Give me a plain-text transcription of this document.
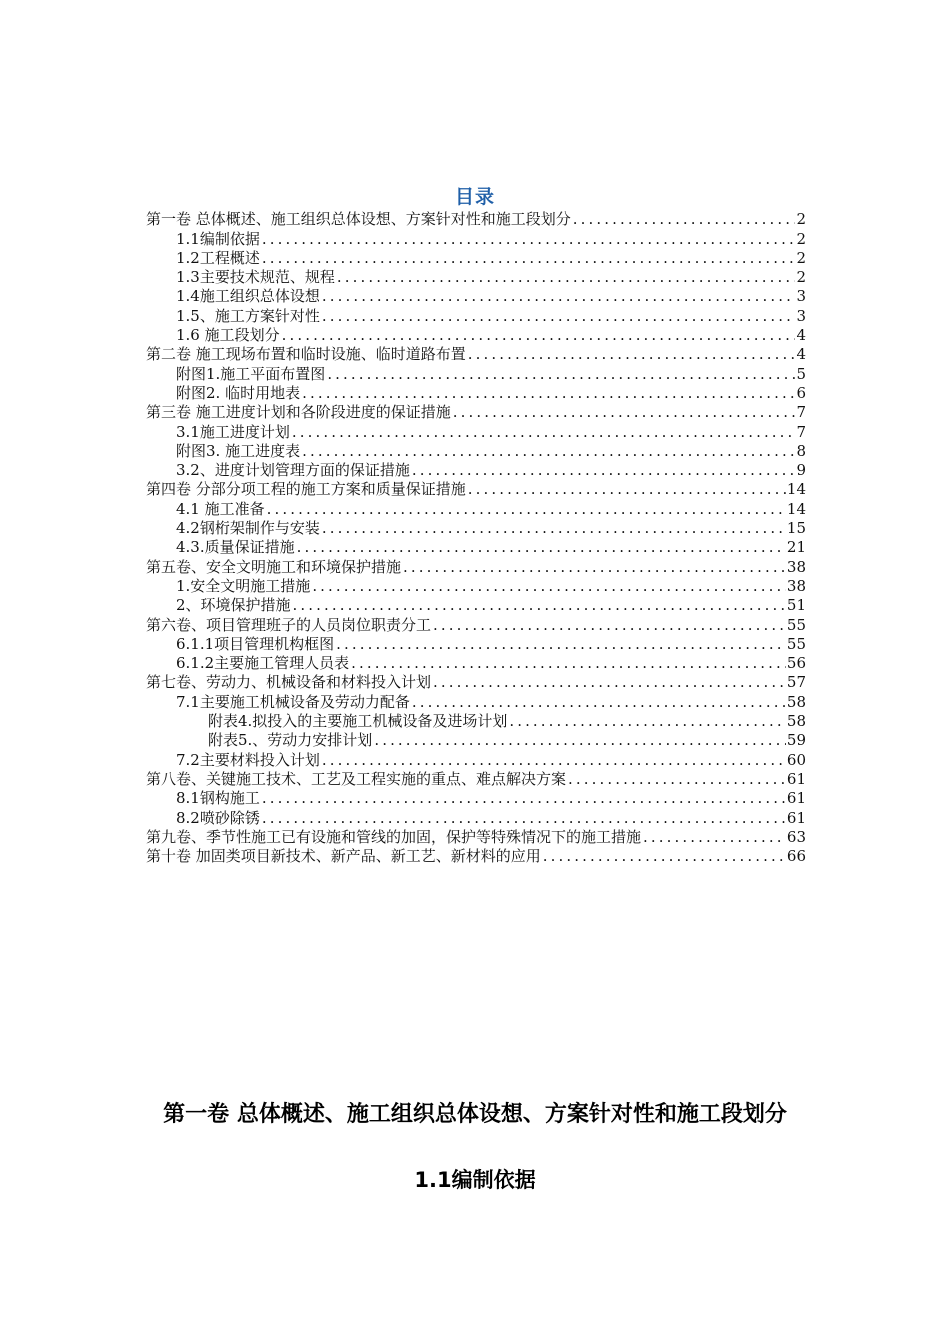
目录
第一卷 总体概述、施工组织总体设想、方案针对性和施工段划分 .....	2
1.1编制依据 .....	2
1.2工程概述 .....	2
1.3主要技术规范、规程 .....	2
1.4施工组织总体设想 .....	3
1.5、施工方案针对性 .....	3
1.6 施工段划分 .....	4
第二卷 施工现场布置和临时设施、临时道路布置 .....	4
附图1.施工平面布置图 .....	5
附图2. 临时用地表 .....	6
第三卷 施工进度计划和各阶段进度的保证措施 .....	7
3.1施工进度计划 .....	7
附图3. 施工进度表 .....	8
3.2、进度计划管理方面的保证措施 .....	9
第四卷 分部分项工程的施工方案和质量保证措施 .....	14
4.1 施工准备 .....	14
4.2钢桁架制作与安装 .....	15
4.3.质量保证措施 .....	21
第五卷、安全文明施工和环境保护措施 .....	38
1.安全文明施工措施 .....	38
2、环境保护措施 .....	51
第六卷、项目管理班子的人员岗位职责分工 .....	55
6.1.1项目管理机构框图 .....	55
6.1.2主要施工管理人员表 .....	56
第七卷、劳动力、机械设备和材料投入计划 .....	57
7.1主要施工机械设备及劳动力配备 .....	58
附表4.拟投入的主要施工机械设备及进场计划 .....	58
附表5.、劳动力安排计划 .....	59
7.2主要材料投入计划 .....	60
第八卷、关键施工技术、工艺及工程实施的重点、难点解决方案 .....	61
8.1钢构施工 .....	61
8.2喷砂除锈 .....	61
第九卷、季节性施工已有设施和管线的加固，保护等特殊情况下的施工措施 .....	63
第十卷 加固类项目新技术、新产品、新工艺、新材料的应用 .....	66
第一卷 总体概述、施工组织总体设想、方案针对性和施工段划分
1.1编制依据
